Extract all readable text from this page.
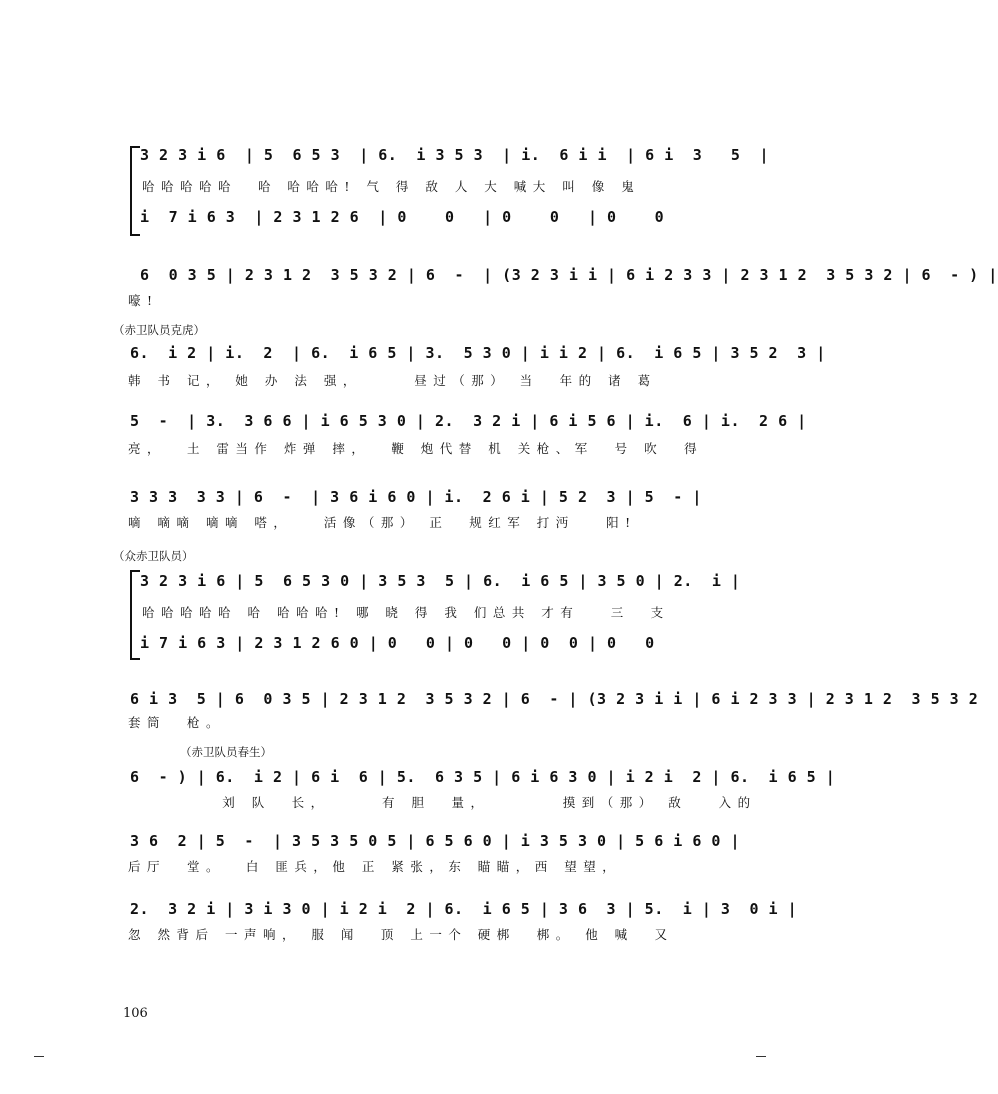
3 2 3 i 6  | 5  6 5 3  | 6.  i 3 5 3  | i.  6 i i  | 6 i  3   5  |
哈哈哈哈哈  哈 哈哈哈! 气 得 敌 人 大 喊大 叫 像 鬼
i  7 i 6 3  | 2 3 1 2 6  | 0    0   | 0    0   | 0    0
6  0 3 5 | 2 3 1 2  3 5 3 2 | 6  -  | (3 2 3 i i | 6 i 2 3 3 | 2 3 1 2  3 5 3 2 | 6  - ) |
嚎!
（赤卫队员克虎）
6.  i 2 | i.  2  | 6.  i 6 5 | 3.  5 3 0 | i i 2 | 6.  i 6 5 | 3 5 2  3 |
韩 书 记， 她 办 法 强，     昼过（那） 当  年的 诸 葛
5  -  | 3.  3 6 6 | i 6 5 3 0 | 2.  3 2 i | 6 i 5 6 | i.  6 | i.  2 6 |
亮，  土 雷当作 炸弹 摔，  鞭 炮代替 机 关枪、军  号 吹  得
3 3 3  3 3 | 6  -  | 3 6 i 6 0 | i.  2 6 i | 5 2  3 | 5  - |
嘀 嘀嘀 嘀嘀 嗒，   活像（那） 正  规红军 打沔   阳!
（众赤卫队员）
3 2 3 i 6 | 5  6 5 3 0 | 3 5 3  5 | 6.  i 6 5 | 3 5 0 | 2.  i |
哈哈哈哈哈 哈 哈哈哈! 哪 晓 得 我 们总共 才有   三  支
i 7 i 6 3 | 2 3 1 2 6 0 | 0   0 | 0   0 | 0  0 | 0   0
6 i 3  5 | 6  0 3 5 | 2 3 1 2  3 5 3 2 | 6  - | (3 2 3 i i | 6 i 2 3 3 | 2 3 1 2  3 5 3 2
套筒  枪。
（赤卫队员春生）
6  - ) | 6.  i 2 | 6 i  6 | 5.  6 3 5 | 6 i 6 3 0 | i 2 i  2 | 6.  i 6 5 |
刘 队  长，     有 胆  量，       摸到（那） 敌   入的
3 6  2 | 5  -  | 3 5 3 5 0 5 | 6 5 6 0 | i 3 5 3 0 | 5 6 i 6 0 |
后厅  堂。  白 匪兵，他 正 紧张，东 瞄瞄，西 望望，
2.  3 2 i | 3 i 3 0 | i 2 i  2 | 6.  i 6 5 | 3 6  3 | 5.  i | 3  0 i |
忽 然背后 一声响， 服 闻  顶 上一个 硬梆  梆。 他 喊  又
106
